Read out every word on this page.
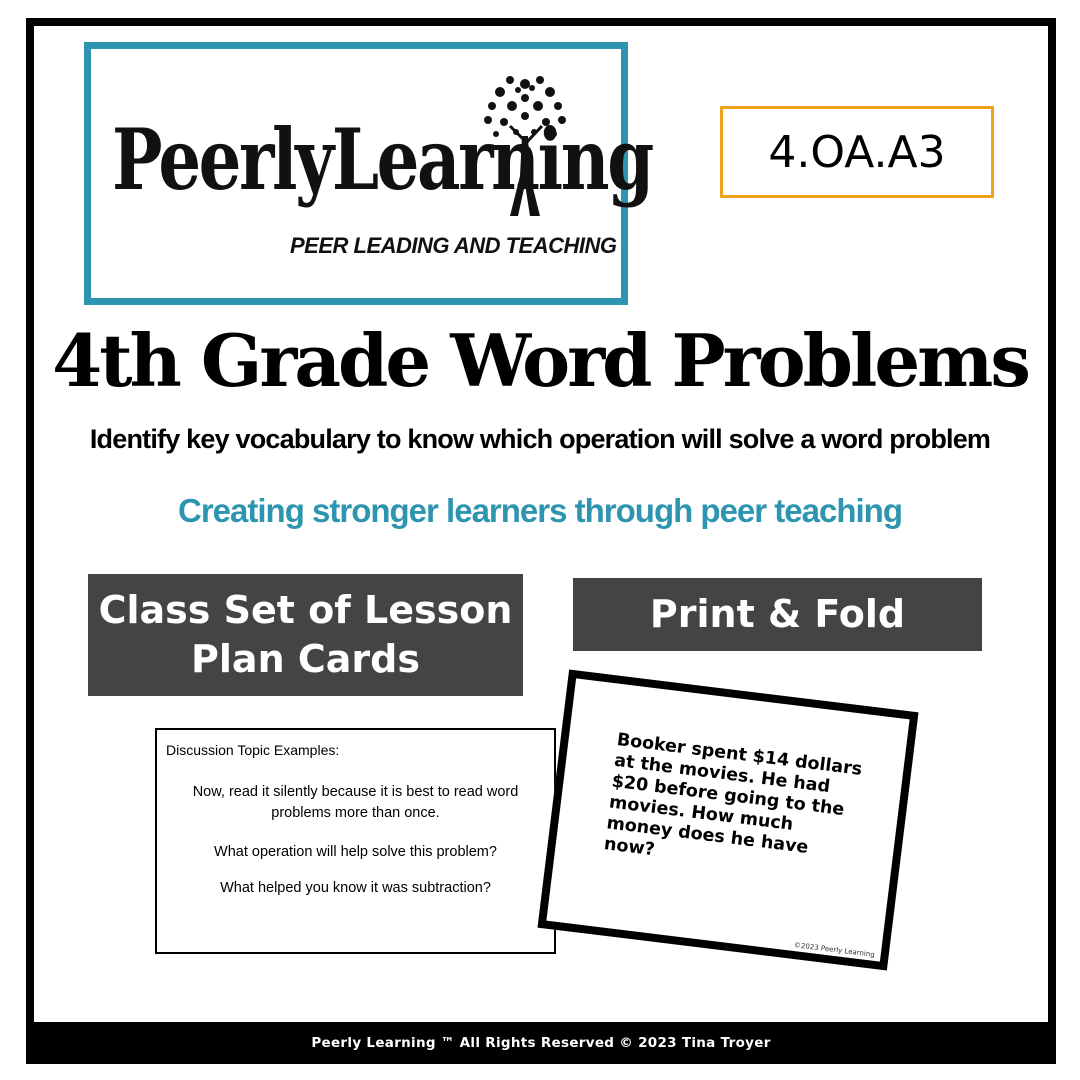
PeerlyLearning
PEER LEADING AND TEACHING
4.OA.A3
4th Grade Word Problems
Identify key vocabulary to know which operation will solve a word problem
Creating stronger learners through peer teaching
Class Set of Lesson Plan Cards
Print & Fold
Discussion Topic Examples:
Now, read it silently because it is best to read word problems more than once.
What operation will help solve this problem?
What helped you know it was subtraction?
Booker spent $14 dollars at the movies. He had $20 before going to the movies. How much money does he have now?
©2023 Peerly Learning
Peerly Learning ™ All Rights Reserved © 2023 Tina Troyer
